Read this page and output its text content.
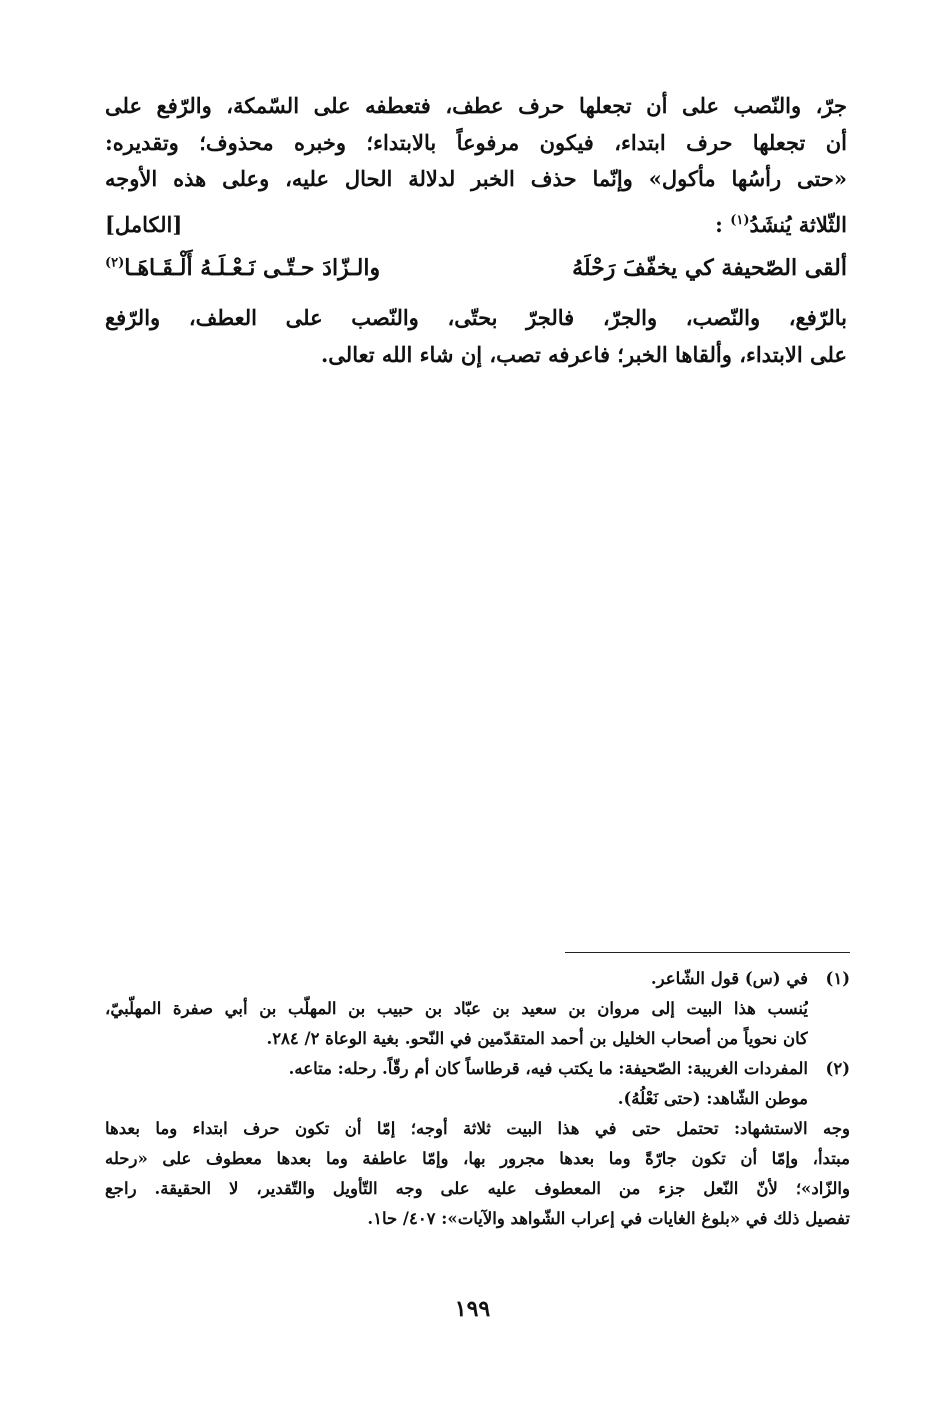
جرّ، والنّصب على أن تجعلها حرف عطف، فتعطفه على السّمكة، والرّفع على
أن تجعلها حرف ابتداء، فيكون مرفوعاً بالابتداء؛ وخبره محذوف؛ وتقديره:
«حتى رأسُها مأكول» وإنّما حذف الخبر لدلالة الحال عليه، وعلى هذه الأوجه
الثّلاثة يُنشَدُ$^{(١)}$ :
[الكامل]
ألقى الصّحيفة كي يخفّفَ رَحْلَهُ
والـزّادَ حـتّـى نَـعْـلَـهُ أَلْـقَـاهَـا$^{(٢)}$
بالرّفع، والنّصب، والجرّ، فالجرّ بحتّى، والنّصب على العطف، والرّفع
على الابتداء، وألقاها الخبر؛ فاعرفه تصب، إن شاء الله تعالى.
(١)
في (س) قول الشّاعر.
يُنسب هذا البيت إلى مروان بن سعيد بن عبّاد بن حبيب بن المهلّب بن أبي صفرة المهلّبيّ،
كان نحوياً من أصحاب الخليل بن أحمد المتقدّمين في النّحو. بغية الوعاة ٢/ ٢٨٤.
(٢)
المفردات الغريبة: الصّحيفة: ما يكتب فيه، قرطاساً كان أم رقّاً. رحله: متاعه.
موطن الشّاهد: (حتى نَعْلُهُ).
وجه الاستشهاد: تحتمل حتى في هذا البيت ثلاثة أوجه؛ إمّا أن تكون حرف ابتداء وما بعدها
مبتدأ، وإمّا أن تكون جارّةً وما بعدها مجرور بها، وإمّا عاطفة وما بعدها معطوف على «رحله
والزّاد»؛ لأنّ النّعل جزء من المعطوف عليه على وجه التّأويل والتّقدير، لا الحقيقة. راجع
تفصيل ذلك في «بلوغ الغايات في إعراب الشّواهد والآيات»: ٤٠٧/ حا١.
١٩٩
